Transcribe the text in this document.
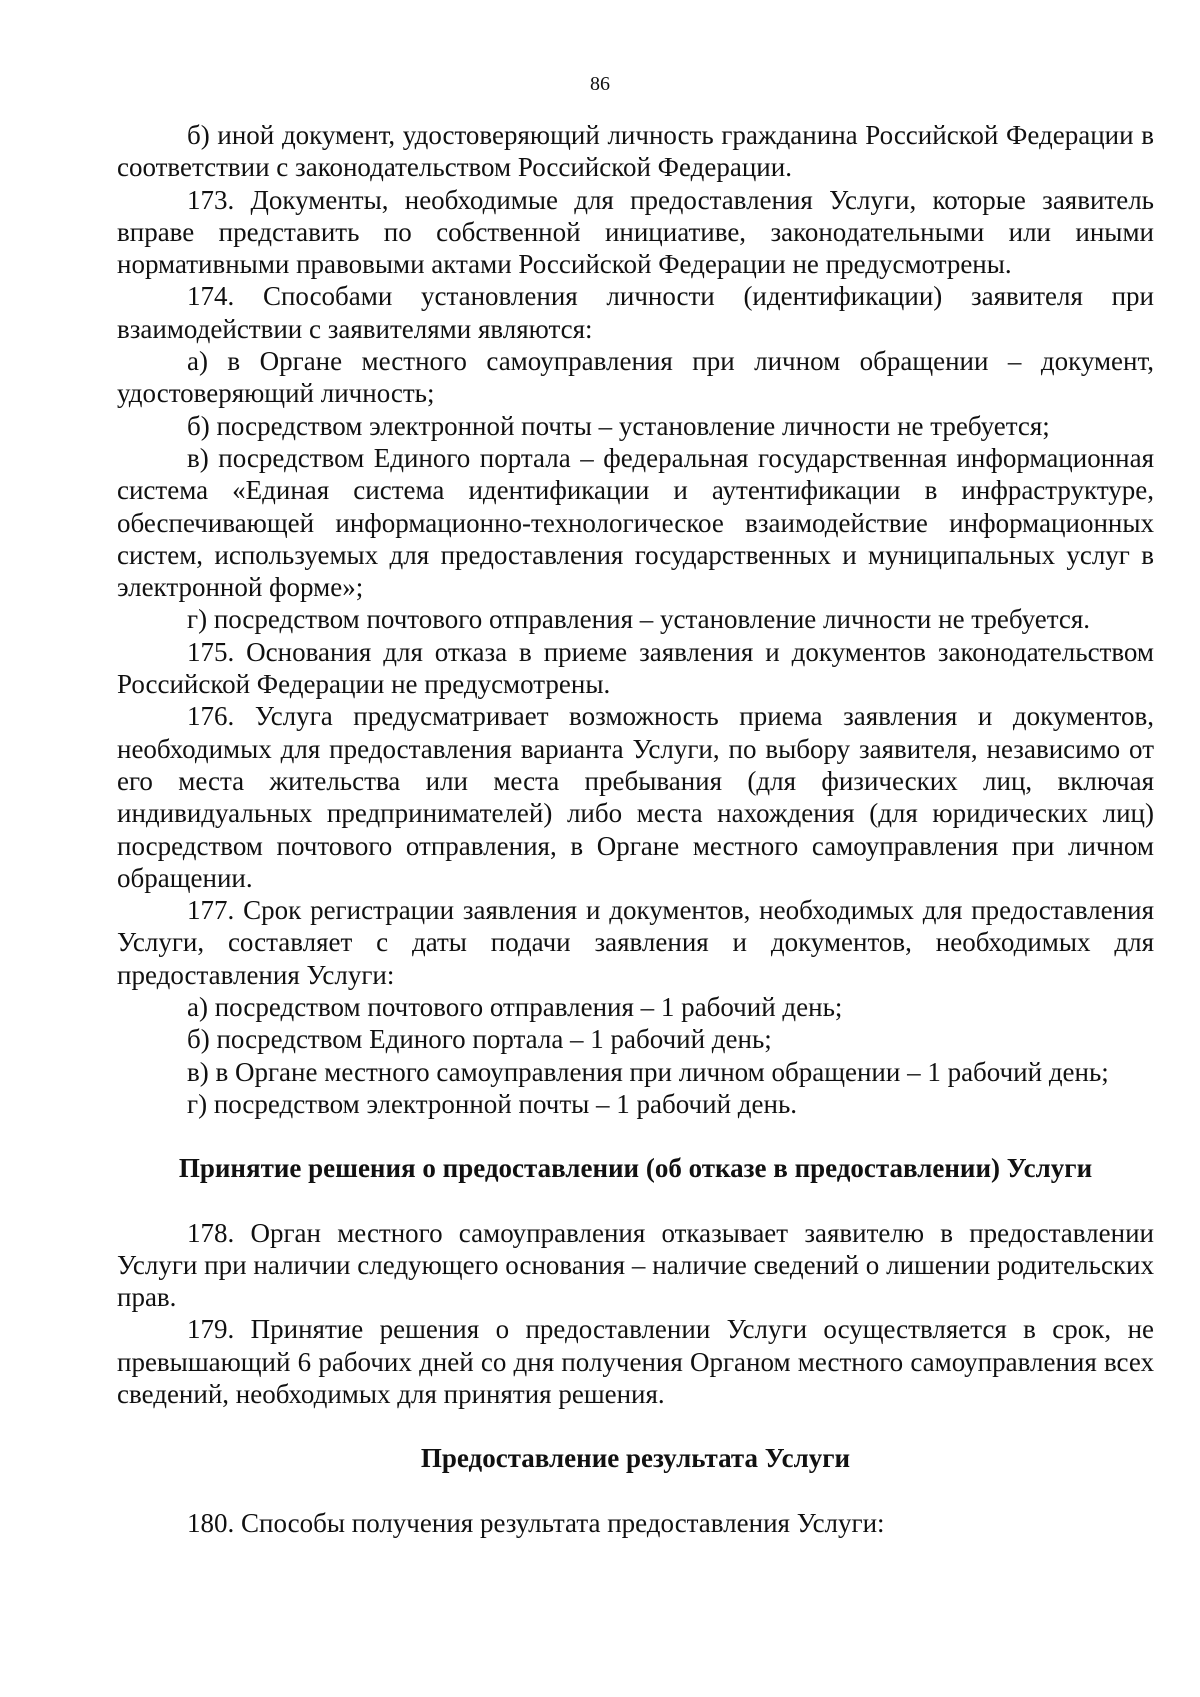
86

б) иной документ, удостоверяющий личность гражданина Российской Федерации в соответствии с законодательством Российской Федерации.

173. Документы, необходимые для предоставления Услуги, которые заявитель вправе представить по собственной инициативе, законодательными или иными нормативными правовыми актами Российской Федерации не предусмотрены.

174. Способами установления личности (идентификации) заявителя при взаимодействии с заявителями являются:

а) в Органе местного самоуправления при личном обращении – документ, удостоверяющий личность;

б) посредством электронной почты – установление личности не требуется;

в) посредством Единого портала – федеральная государственная информационная система «Единая система идентификации и аутентификации в инфраструктуре, обеспечивающей информационно-технологическое взаимодействие информационных систем, используемых для предоставления государственных и муниципальных услуг в электронной форме»;

г) посредством почтового отправления – установление личности не требуется.

175. Основания для отказа в приеме заявления и документов законодательством Российской Федерации не предусмотрены.

176. Услуга предусматривает возможность приема заявления и документов, необходимых для предоставления варианта Услуги, по выбору заявителя, независимо от его места жительства или места пребывания (для физических лиц, включая индивидуальных предпринимателей) либо места нахождения (для юридических лиц) посредством почтового отправления, в Органе местного самоуправления при личном обращении.

177. Срок регистрации заявления и документов, необходимых для предоставления Услуги, составляет с даты подачи заявления и документов, необходимых для предоставления Услуги:

а) посредством почтового отправления – 1 рабочий день;

б) посредством Единого портала – 1 рабочий день;

в) в Органе местного самоуправления при личном обращении – 1 рабочий день;

г) посредством электронной почты – 1 рабочий день.

Принятие решения о предоставлении (об отказе в предоставлении) Услуги

178. Орган местного самоуправления отказывает заявителю в предоставлении Услуги при наличии следующего основания – наличие сведений о лишении родительских прав.

179. Принятие решения о предоставлении Услуги осуществляется в срок, не превышающий 6 рабочих дней со дня получения Органом местного самоуправления всех сведений, необходимых для принятия решения.

Предоставление результата Услуги

180. Способы получения результата предоставления Услуги:
